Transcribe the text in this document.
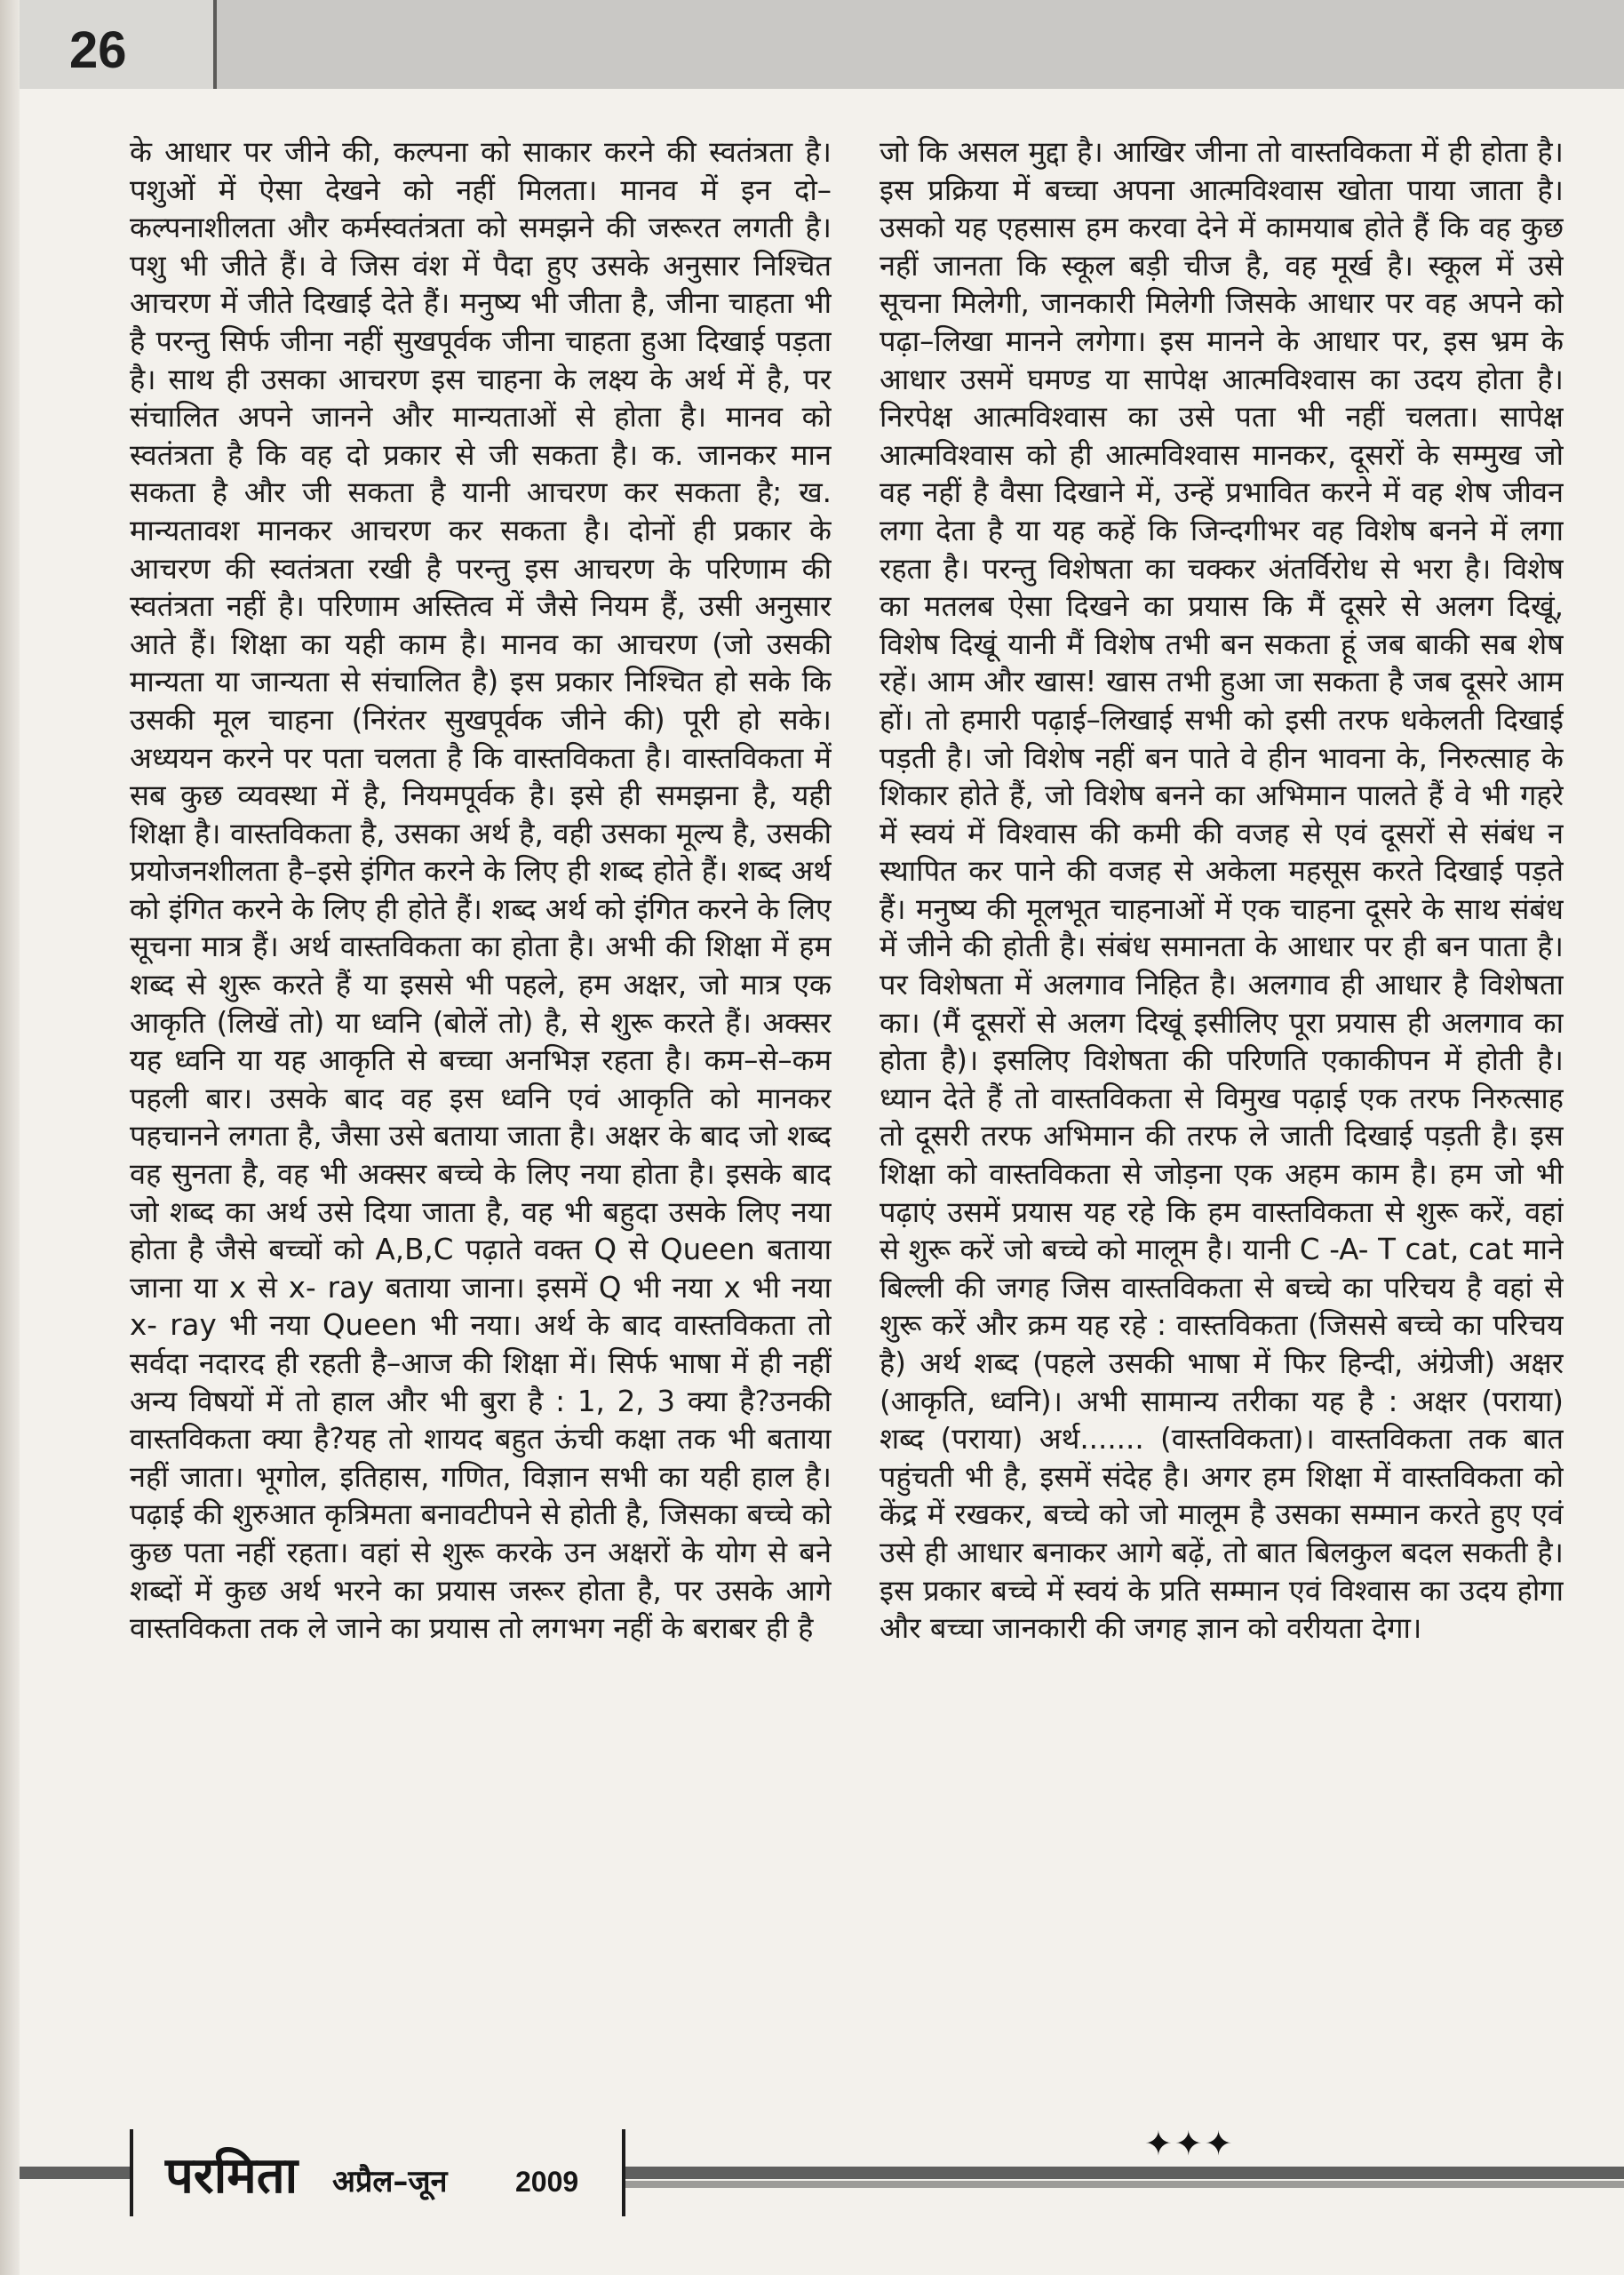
26

के आधार पर जीने की, कल्पना को साकार करने की स्वतंत्रता है। पशुओं में ऐसा देखने को नहीं मिलता। मानव में इन दो–कल्पनाशीलता और कर्मस्वतंत्रता को समझने की जरूरत लगती है। पशु भी जीते हैं। वे जिस वंश में पैदा हुए उसके अनुसार निश्चित आचरण में जीते दिखाई देते हैं। मनुष्य भी जीता है, जीना चाहता भी है परन्तु सिर्फ जीना नहीं सुखपूर्वक जीना चाहता हुआ दिखाई पड़ता है। साथ ही उसका आचरण इस चाहना के लक्ष्य के अर्थ में है, पर संचालित अपने जानने और मान्यताओं से होता है। मानव को स्वतंत्रता है कि वह दो प्रकार से जी सकता है। क. जानकर मान सकता है और जी सकता है यानी आचरण कर सकता है; ख. मान्यतावश मानकर आचरण कर सकता है। दोनों ही प्रकार के आचरण की स्वतंत्रता रखी है परन्तु इस आचरण के परिणाम की स्वतंत्रता नहीं है। परिणाम अस्तित्व में जैसे नियम हैं, उसी अनुसार आते हैं। शिक्षा का यही काम है। मानव का आचरण (जो उसकी मान्यता या जान्यता से संचालित है) इस प्रकार निश्चित हो सके कि उसकी मूल चाहना (निरंतर सुखपूर्वक जीने की) पूरी हो सके। अध्ययन करने पर पता चलता है कि वास्तविकता है। वास्तविकता में सब कुछ व्यवस्था में है, नियमपूर्वक है। इसे ही समझना है, यही शिक्षा है। वास्तविकता है, उसका अर्थ है, वही उसका मूल्य है, उसकी प्रयोजनशीलता है–इसे इंगित करने के लिए ही शब्द होते हैं। शब्द अर्थ को इंगित करने के लिए ही होते हैं। शब्द अर्थ को इंगित करने के लिए सूचना मात्र हैं। अर्थ वास्तविकता का होता है। अभी की शिक्षा में हम शब्द से शुरू करते हैं या इससे भी पहले, हम अक्षर, जो मात्र एक आकृति (लिखें तो) या ध्वनि (बोलें तो) है, से शुरू करते हैं। अक्सर यह ध्वनि या यह आकृति से बच्चा अनभिज्ञ रहता है। कम–से–कम पहली बार। उसके बाद वह इस ध्वनि एवं आकृति को मानकर पहचानने लगता है, जैसा उसे बताया जाता है। अक्षर के बाद जो शब्द वह सुनता है, वह भी अक्सर बच्चे के लिए नया होता है। इसके बाद जो शब्द का अर्थ उसे दिया जाता है, वह भी बहुदा उसके लिए नया होता है जैसे बच्चों को A,B,C पढ़ाते वक्त Q से Queen बताया जाना या x से x- ray बताया जाना। इसमें Q भी नया x भी नया x- ray भी नया Queen भी नया। अर्थ के बाद वास्तविकता तो सर्वदा नदारद ही रहती है–आज की शिक्षा में। सिर्फ भाषा में ही नहीं अन्य विषयों में तो हाल और भी बुरा है : 1, 2, 3 क्या है?उनकी वास्तविकता क्या है?यह तो शायद बहुत ऊंची कक्षा तक भी बताया नहीं जाता। भूगोल, इतिहास, गणित, विज्ञान सभी का यही हाल है। पढ़ाई की शुरुआत कृत्रिमता बनावटीपने से होती है, जिसका बच्चे को कुछ पता नहीं रहता। वहां से शुरू करके उन अक्षरों के योग से बने शब्दों में कुछ अर्थ भरने का प्रयास जरूर होता है, पर उसके आगे वास्तविकता तक ले जाने का प्रयास तो लगभग नहीं के बराबर ही है

जो कि असल मुद्दा है। आखिर जीना तो वास्तविकता में ही होता है। इस प्रक्रिया में बच्चा अपना आत्मविश्वास खोता पाया जाता है। उसको यह एहसास हम करवा देने में कामयाब होते हैं कि वह कुछ नहीं जानता कि स्कूल बड़ी चीज है, वह मूर्ख है। स्कूल में उसे सूचना मिलेगी, जानकारी मिलेगी जिसके आधार पर वह अपने को पढ़ा–लिखा मानने लगेगा। इस मानने के आधार पर, इस भ्रम के आधार उसमें घमण्ड या सापेक्ष आत्मविश्वास का उदय होता है। निरपेक्ष आत्मविश्वास का उसे पता भी नहीं चलता। सापेक्ष आत्मविश्वास को ही आत्मविश्वास मानकर, दूसरों के सम्मुख जो वह नहीं है वैसा दिखाने में, उन्हें प्रभावित करने में वह शेष जीवन लगा देता है या यह कहें कि जिन्दगीभर वह विशेष बनने में लगा रहता है। परन्तु विशेषता का चक्कर अंतर्विरोध से भरा है। विशेष का मतलब ऐसा दिखने का प्रयास कि मैं दूसरे से अलग दिखूं, विशेष दिखूं यानी मैं विशेष तभी बन सकता हूं जब बाकी सब शेष रहें। आम और खास! खास तभी हुआ जा सकता है जब दूसरे आम हों। तो हमारी पढ़ाई–लिखाई सभी को इसी तरफ धकेलती दिखाई पड़ती है। जो विशेष नहीं बन पाते वे हीन भावना के, निरुत्साह के शिकार होते हैं, जो विशेष बनने का अभिमान पालते हैं वे भी गहरे में स्वयं में विश्वास की कमी की वजह से एवं दूसरों से संबंध न स्थापित कर पाने की वजह से अकेला महसूस करते दिखाई पड़ते हैं। मनुष्य की मूलभूत चाहनाओं में एक चाहना दूसरे के साथ संबंध में जीने की होती है। संबंध समानता के आधार पर ही बन पाता है। पर विशेषता में अलगाव निहित है। अलगाव ही आधार है विशेषता का। (मैं दूसरों से अलग दिखूं इसीलिए पूरा प्रयास ही अलगाव का होता है)। इसलिए विशेषता की परिणति एकाकीपन में होती है। ध्यान देते हैं तो वास्तविकता से विमुख पढ़ाई एक तरफ निरुत्साह तो दूसरी तरफ अभिमान की तरफ ले जाती दिखाई पड़ती है। इस शिक्षा को वास्तविकता से जोड़ना एक अहम काम है। हम जो भी पढ़ाएं उसमें प्रयास यह रहे कि हम वास्तविकता से शुरू करें, वहां से शुरू करें जो बच्चे को मालूम है। यानी C -A- T cat, cat माने बिल्ली की जगह जिस वास्तविकता से बच्चे का परिचय है वहां से शुरू करें और क्रम यह रहे : वास्तविकता (जिससे बच्चे का परिचय है) अर्थ शब्द (पहले उसकी भाषा में फिर हिन्दी, अंग्रेजी) अक्षर (आकृति, ध्वनि)। अभी सामान्य तरीका यह है : अक्षर (पराया) शब्द (पराया) अर्थ....... (वास्तविकता)। वास्तविकता तक बात पहुंचती भी है, इसमें संदेह है। अगर हम शिक्षा में वास्तविकता को केंद्र में रखकर, बच्चे को जो मालूम है उसका सम्मान करते हुए एवं उसे ही आधार बनाकर आगे बढ़ें, तो बात बिलकुल बदल सकती है। इस प्रकार बच्चे में स्वयं के प्रति सम्मान एवं विश्वास का उदय होगा और बच्चा जानकारी की जगह ज्ञान को वरीयता देगा।

✦✦✦
परमिता अप्रैल–जून 2009
